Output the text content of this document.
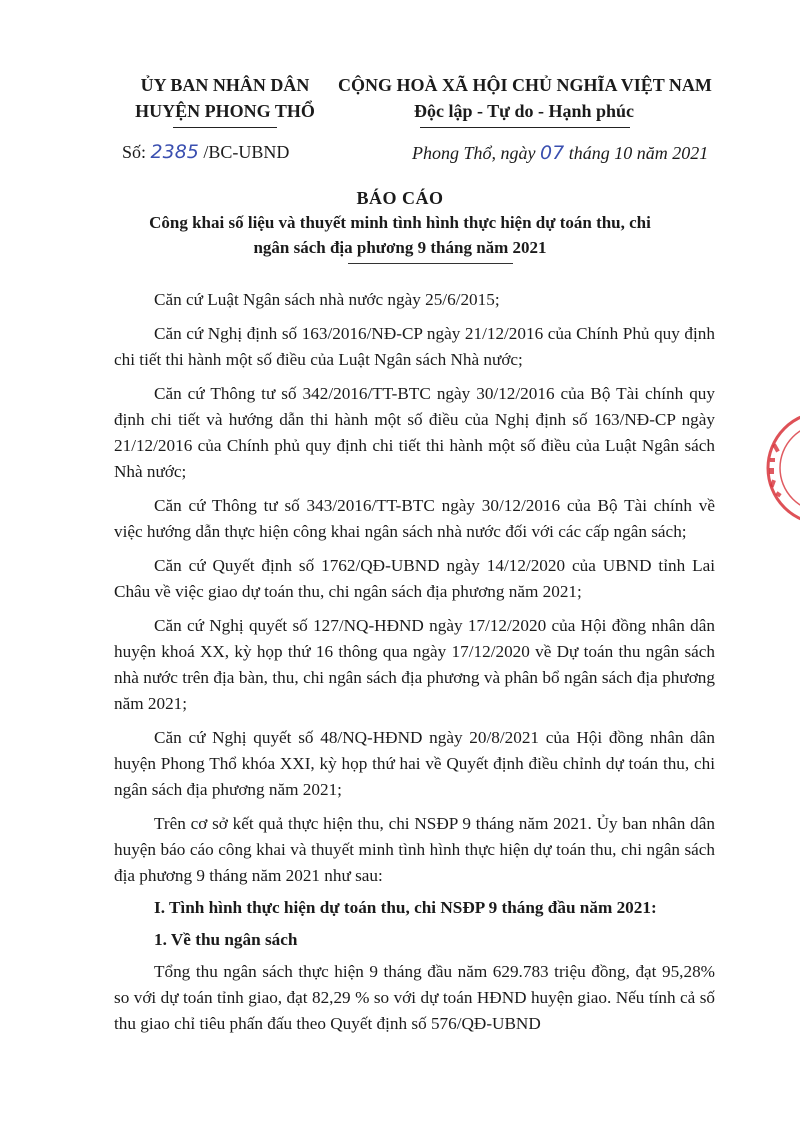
ỦY BAN NHÂN DÂN
HUYỆN PHONG THỔ
CỘNG HOÀ XÃ HỘI CHỦ NGHĨA VIỆT NAM
Độc lập - Tự do - Hạnh phúc
Số: 2385 /BC-UBND	Phong Thổ, ngày 07 tháng 10 năm 2021
BÁO CÁO
Công khai số liệu và thuyết minh tình hình thực hiện dự toán thu, chi
ngân sách địa phương 9 tháng năm 2021

Căn cứ Luật Ngân sách nhà nước ngày 25/6/2015;

Căn cứ Nghị định số 163/2016/NĐ-CP ngày 21/12/2016 của Chính Phủ quy định chi tiết thi hành một số điều của Luật Ngân sách Nhà nước;

Căn cứ Thông tư số 342/2016/TT-BTC ngày 30/12/2016 của Bộ Tài chính quy định chi tiết và hướng dẫn thi hành một số điều của Nghị định số 163/NĐ-CP ngày 21/12/2016 của Chính phủ quy định chi tiết thi hành một số điều của Luật Ngân sách Nhà nước;

Căn cứ Thông tư số 343/2016/TT-BTC ngày 30/12/2016 của Bộ Tài chính về việc hướng dẫn thực hiện công khai ngân sách nhà nước đối với các cấp ngân sách;

Căn cứ Quyết định số 1762/QĐ-UBND ngày 14/12/2020 của UBND tỉnh Lai Châu về việc giao dự toán thu, chi ngân sách địa phương năm 2021;

Căn cứ Nghị quyết số 127/NQ-HĐND ngày 17/12/2020 của Hội đồng nhân dân huyện khoá XX, kỳ họp thứ 16 thông qua ngày 17/12/2020 về Dự toán thu ngân sách nhà nước trên địa bàn, thu, chi ngân sách địa phương và phân bổ ngân sách địa phương năm 2021;

Căn cứ Nghị quyết số 48/NQ-HĐND ngày 20/8/2021 của Hội đồng nhân dân huyện Phong Thổ khóa XXI, kỳ họp thứ hai về Quyết định điều chỉnh dự toán thu, chi ngân sách địa phương năm 2021;

Trên cơ sở kết quả thực hiện thu, chi NSĐP 9 tháng năm 2021. Ủy ban nhân dân huyện báo cáo công khai và thuyết minh tình hình thực hiện dự toán thu, chi ngân sách địa phương 9 tháng năm 2021 như sau:

I. Tình hình thực hiện dự toán thu, chi NSĐP 9 tháng đầu năm 2021:

1. Về thu ngân sách

Tổng thu ngân sách thực hiện 9 tháng đầu năm 629.783 triệu đồng, đạt 95,28% so với dự toán tỉnh giao, đạt 82,29 % so với dự toán HĐND huyện giao. Nếu tính cả số thu giao chỉ tiêu phấn đấu theo Quyết định số 576/QĐ-UBND
